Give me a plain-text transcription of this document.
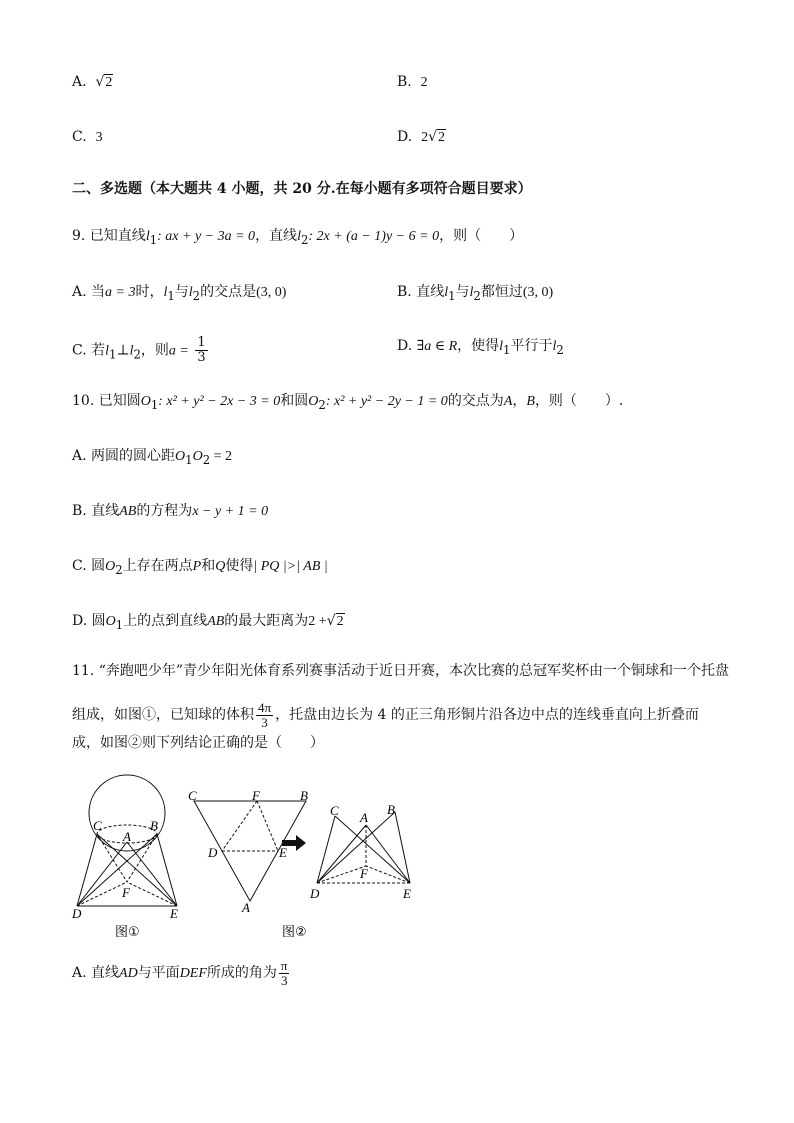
A. √2	B. 2
C. 3	D. 2√2
二、多选题（本大题共 4 小题，共 20 分.在每小题有多项符合题目要求）
9. 已知直线$l_1$: ax + y − 3a = 0，直线$l_2$: 2x + (a − 1)y − 6 = 0，则（　　）
A. 当a = 3时，$l_1$与$l_2$的交点是(3, 0)	B. 直线$l_1$与$l_2$都恒过(3, 0)
C. 若$l_1\perp l_2$，则$a = \frac{1}{3}$	D. ∃a ∈ R，使得$l_1$平行于$l_2$
10. 已知圆$O_1$: x² + y² − 2x − 3 = 0和圆$O_2$: x² + y² − 2y − 1 = 0的交点为A，B，则（　　）.
A. 两圆的圆心距$O_1O_2 = 2$
B. 直线AB的方程为x − y + 1 = 0
C. 圆$O_2$上存在两点P和Q使得| PQ |>| AB |
D. 圆$O_1$上的点到直线AB的最大距离为2 +√2
11. “奔跑吧少年”青少年阳光体育系列赛事活动于近日开赛，本次比赛的总冠军奖杯由一个铜球和一个托盘
组成，如图①，已知球的体积 $\frac{4\pi}{3}$ ，托盘由边长为 4 的正三角形铜片沿各边中点的连线垂直向上折叠而
成，如图②则下列结论正确的是（　　）
C	B
A
F
D	E
C	F	B
D	E
A
C A
B
F
D	E
图①	图②
A. 直线AD与平面DEF所成的角为 $\frac{\pi}{3}$
